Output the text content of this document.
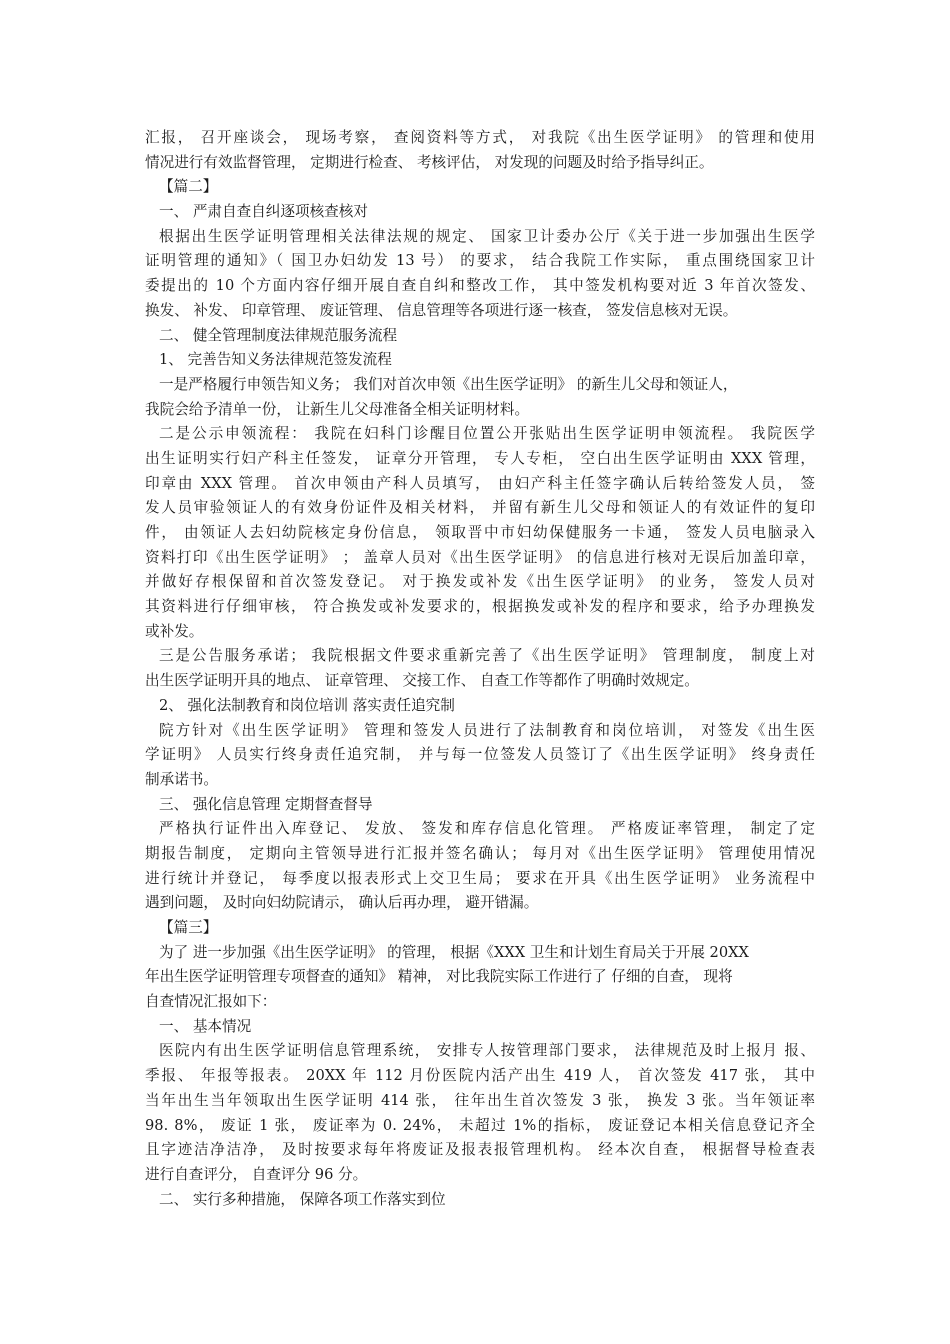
汇报， 召开座谈会， 现场考察， 查阅资料等方式， 对我院《出生医学证明》 的管理和使用
情况进行有效监督管理， 定期进行检查、 考核评估， 对发现的问题及时给予指导纠正。
【篇二】
一、 严肃自查自纠逐项核查核对
根据出生医学证明管理相关法律法规的规定、 国家卫计委办公厅《关于进一步加强出生医学
证明管理的通知》（ 国卫办妇幼发 13 号） 的要求， 结合我院工作实际， 重点围绕国家卫计
委提出的 10 个方面内容仔细开展自查自纠和整改工作， 其中签发机构要对近 3 年首次签发、
换发、 补发、 印章管理、 废证管理、 信息管理等各项进行逐一核查， 签发信息核对无误。
二、 健全管理制度法律规范服务流程
1、 完善告知义务法律规范签发流程
一是严格履行申领告知义务； 我们对首次申领《出生医学证明》 的新生儿父母和领证人，
我院会给予清单一份， 让新生儿父母准备全相关证明材料。
二是公示申领流程： 我院在妇科门诊醒目位置公开张贴出生医学证明申领流程。 我院医学
出生证明实行妇产科主任签发， 证章分开管理， 专人专柜， 空白出生医学证明由 XXX 管理，
印章由 XXX 管理。 首次申领由产科人员填写， 由妇产科主任签字确认后转给签发人员， 签
发人员审验领证人的有效身份证件及相关材料， 并留有新生儿父母和领证人的有效证件的复印
件， 由领证人去妇幼院核定身份信息， 领取晋中市妇幼保健服务一卡通， 签发人员电脑录入
资料打印《出生医学证明》 ； 盖章人员对《出生医学证明》 的信息进行核对无误后加盖印章，
并做好存根保留和首次签发登记。 对于换发或补发《出生医学证明》 的业务， 签发人员对
其资料进行仔细审核， 符合换发或补发要求的，根据换发或补发的程序和要求，给予办理换发
或补发。
三是公告服务承诺； 我院根据文件要求重新完善了《出生医学证明》 管理制度， 制度上对
出生医学证明开具的地点、 证章管理、 交接工作、 自查工作等都作了明确时效规定。
2、 强化法制教育和岗位培训 落实责任追究制
院方针对《出生医学证明》 管理和签发人员进行了法制教育和岗位培训， 对签发《出生医
学证明》 人员实行终身责任追究制， 并与每一位签发人员签订了《出生医学证明》 终身责任
制承诺书。
三、 强化信息管理 定期督查督导
严格执行证件出入库登记、 发放、 签发和库存信息化管理。 严格废证率管理， 制定了定
期报告制度， 定期向主管领导进行汇报并签名确认； 每月对《出生医学证明》 管理使用情况
进行统计并登记， 每季度以报表形式上交卫生局； 要求在开具《出生医学证明》 业务流程中
遇到问题， 及时向妇幼院请示， 确认后再办理， 避开错漏。
【篇三】
为了 进一步加强《出生医学证明》 的管理， 根据《XXX 卫生和计划生育局关于开展 20XX
年出生医学证明管理专项督查的通知》 精神， 对比我院实际工作进行了 仔细的自查， 现将
自查情况汇报如下：
一、 基本情况
医院内有出生医学证明信息管理系统， 安排专人按管理部门要求， 法律规范及时上报月 报、
季报、 年报等报表。 20XX 年 112 月份医院内活产出生 419 人， 首次签发 417 张， 其中
当年出生当年领取出生医学证明 414 张， 往年出生首次签发 3 张， 换发 3 张。当年领证率
98. 8%， 废证 1 张， 废证率为 0. 24%， 未超过 1%的指标， 废证登记本相关信息登记齐全
且字迹洁净洁净， 及时按要求每年将废证及报表报管理机构。 经本次自查， 根据督导检查表
进行自查评分， 自查评分 96 分。
二、 实行多种措施， 保障各项工作落实到位
